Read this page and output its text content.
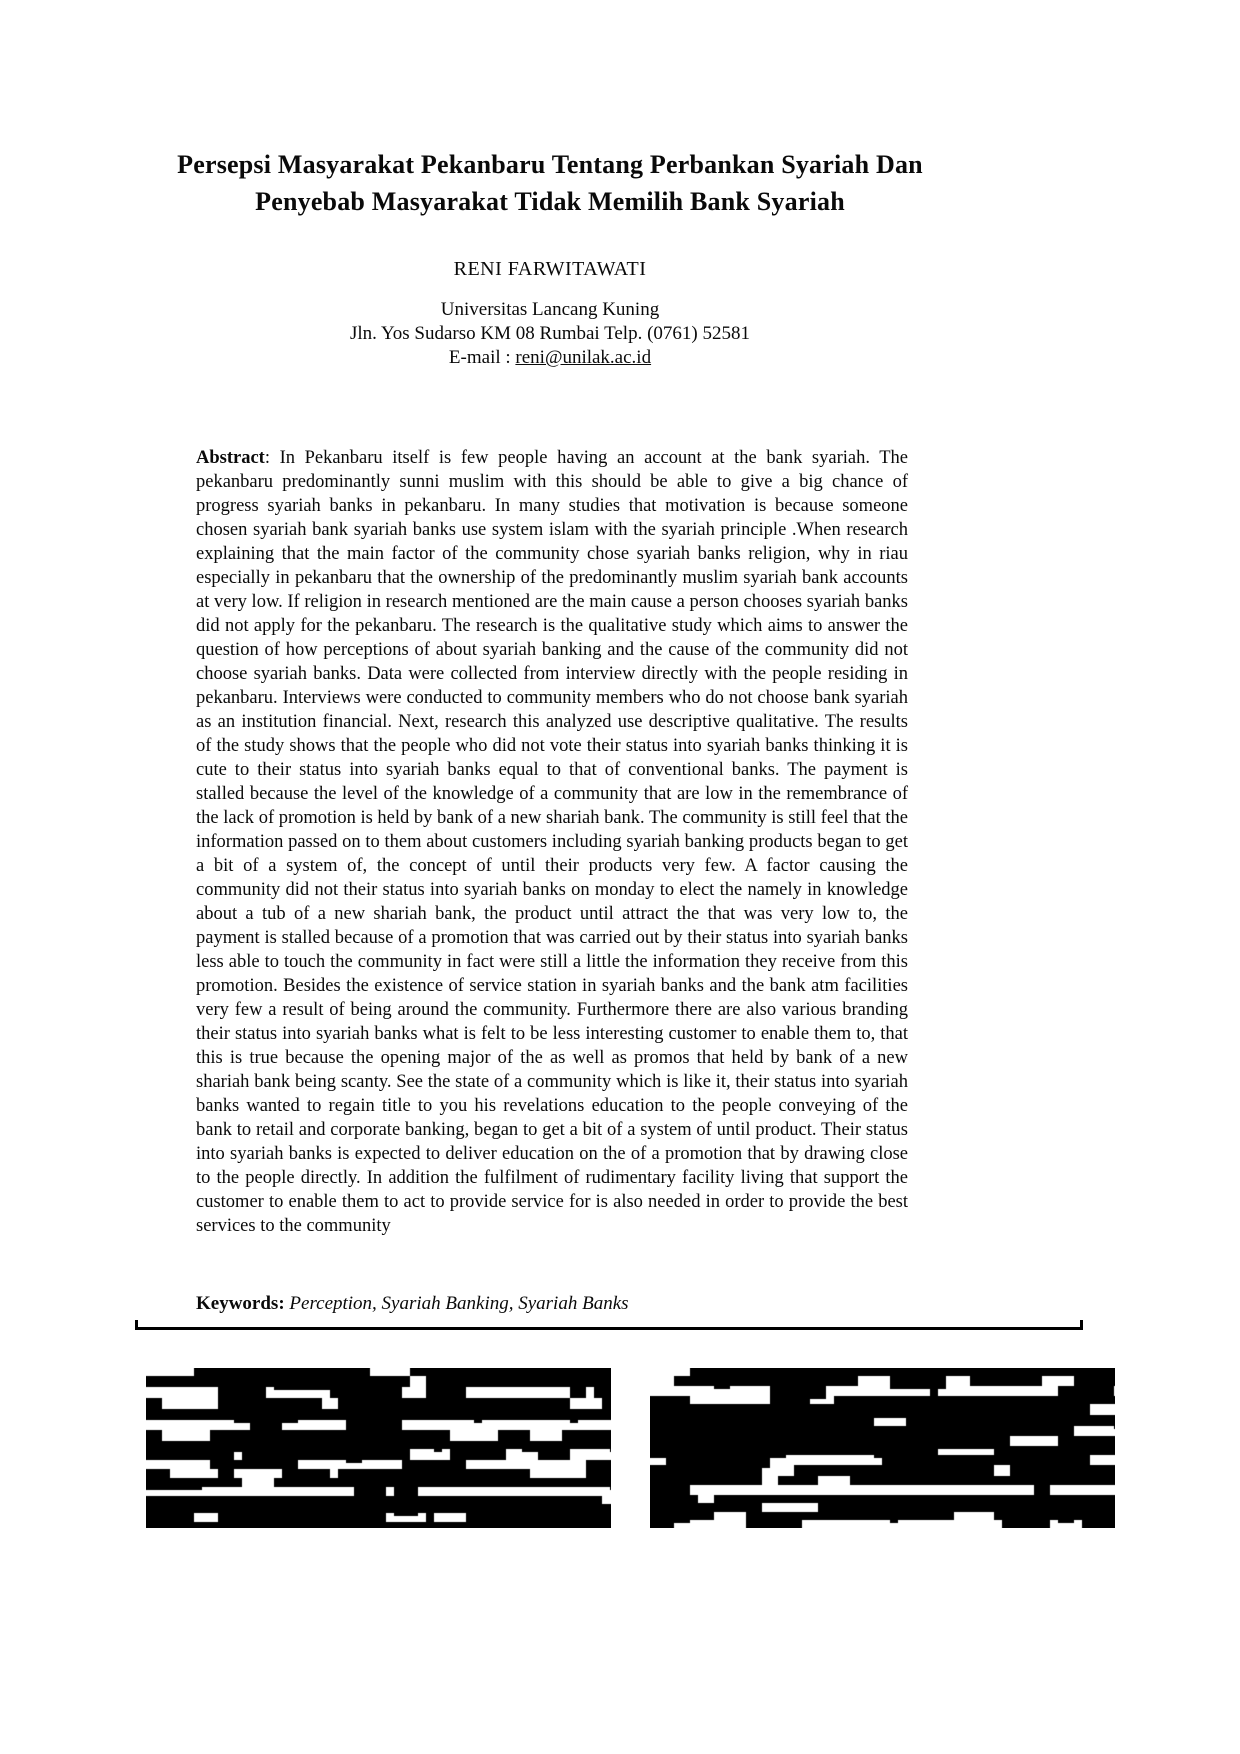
Persepsi Masyarakat Pekanbaru Tentang Perbankan Syariah Dan
Penyebab Masyarakat Tidak Memilih Bank Syariah
RENI FARWITAWATI
Universitas Lancang Kuning
Jln. Yos Sudarso KM 08 Rumbai Telp. (0761) 52581
E-mail : reni@unilak.ac.id
Abstract: In Pekanbaru itself is few people having an account at the bank syariah. The pekanbaru predominantly sunni muslim with this should be able to give a big chance of progress syariah banks in pekanbaru. In many studies that motivation is because someone chosen syariah bank syariah banks use system islam with the syariah principle .When research explaining that the main factor of the community chose syariah banks religion, why in riau especially in pekanbaru that the ownership of the predominantly muslim syariah bank accounts at very low. If religion in research mentioned are the main cause a person chooses syariah banks did not apply for the pekanbaru. The research is the qualitative study which aims to answer the question of how perceptions of about syariah banking and the cause of the community did not choose syariah banks. Data were collected from interview directly with the people residing in pekanbaru. Interviews were conducted to community members who do not choose bank syariah as an institution financial. Next, research this analyzed use descriptive qualitative. The results of the study shows that the people who did not vote their status into syariah banks thinking it is cute to their status into syariah banks equal to that of conventional banks. The payment is stalled because the level of the knowledge of a community that are low in the remembrance of the lack of promotion is held by bank of a new shariah bank. The community is still feel that the information passed on to them about customers including syariah banking products began to get a bit of a system of, the concept of until their products very few. A factor causing the community did not their status into syariah banks on monday to elect the namely in knowledge about a tub of a new shariah bank, the product until attract the that was very low to, the payment is stalled because of a promotion that was carried out by their status into syariah banks less able to touch the community in fact were still a little the information they receive from this promotion. Besides the existence of service station in syariah banks and the bank atm facilities very few a result of being around the community. Furthermore there are also various branding their status into syariah banks what is felt to be less interesting customer to enable them to, that this is true because the opening major of the as well as promos that held by bank of a new shariah bank being scanty. See the state of a community which is like it, their status into syariah banks wanted to regain title to you his revelations education to the people conveying of the bank to retail and corporate banking, began to get a bit of a system of until product. Their status into syariah banks is expected to deliver education on the of a promotion that by drawing close to the people directly. In addition the fulfilment of rudimentary facility living that support the customer to enable them to act to provide service for is also needed in order to provide the best services to the community
Keywords: Perception, Syariah Banking, Syariah Banks
